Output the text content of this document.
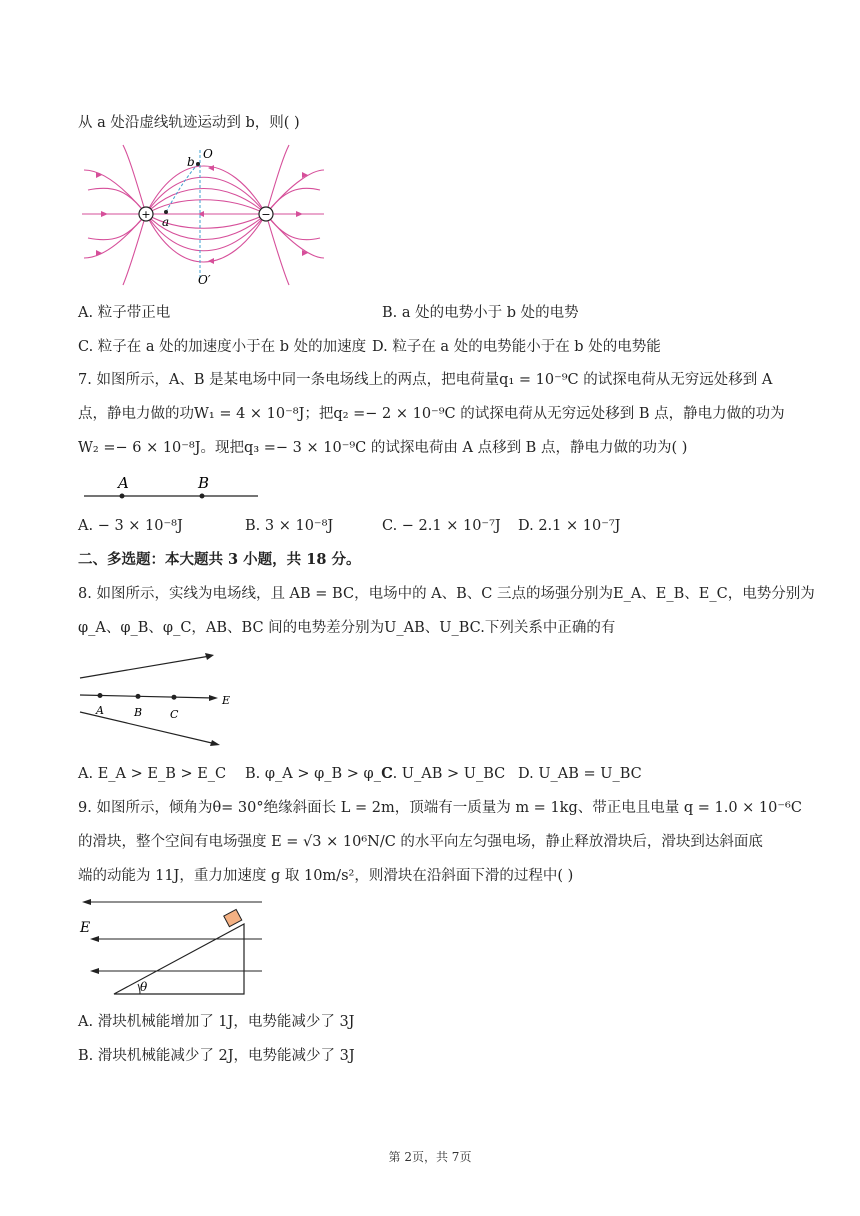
从 a 处沿虚线轨迹运动到 b，则( )
+	−
O
O′
a
b
A. 粒子带正电	B. a 处的电势小于 b 处的电势
C. 粒子在 a 处的加速度小于在 b 处的加速度 D. 粒子在 a 处的电势能小于在 b 处的电势能
7. 如图所示，A、B 是某电场中同一条电场线上的两点，把电荷量q₁ = 10⁻⁹C 的试探电荷从无穷远处移到 A
点，静电力做的功W₁ = 4 × 10⁻⁸J；把q₂ =− 2 × 10⁻⁹C 的试探电荷从无穷远处移到 B 点，静电力做的功为
W₂ =− 6 × 10⁻⁸J。现把q₃ =− 3 × 10⁻⁹C 的试探电荷由 A 点移到 B 点，静电力做的功为( )
A	B
A. − 3 × 10⁻⁸J	B. 3 × 10⁻⁸J	C. − 2.1 × 10⁻⁷J D. 2.1 × 10⁻⁷J
二、多选题：本大题共 3 小题，共 18 分。
8. 如图所示，实线为电场线，且 AB = BC，电场中的 A、B、C 三点的场强分别为E_A、E_B、E_C，电势分别为
φ_A、φ_B、φ_C，AB、BC 间的电势差分别为U_AB、U_BC.下列关系中正确的有
A	B	C
E
A. E_A > E_B > E_C B. φ_A > φ_B > φ_C
C. U_AB > U_BC D. U_AB = U_BC
9. 如图所示，倾角为θ= 30°绝缘斜面长 L = 2m，顶端有一质量为 m = 1kg、带正电且电量 q = 1.0 × 10⁻⁶C
的滑块，整个空间有电场强度 E = √3 × 10⁶N/C 的水平向左匀强电场，静止释放滑块后，滑块到达斜面底
端的动能为 11J，重力加速度 g 取 10m/s²，则滑块在沿斜面下滑的过程中( )
E
θ
A. 滑块机械能增加了 1J，电势能减少了 3J
B. 滑块机械能减少了 2J，电势能减少了 3J
第 2页，共 7页
